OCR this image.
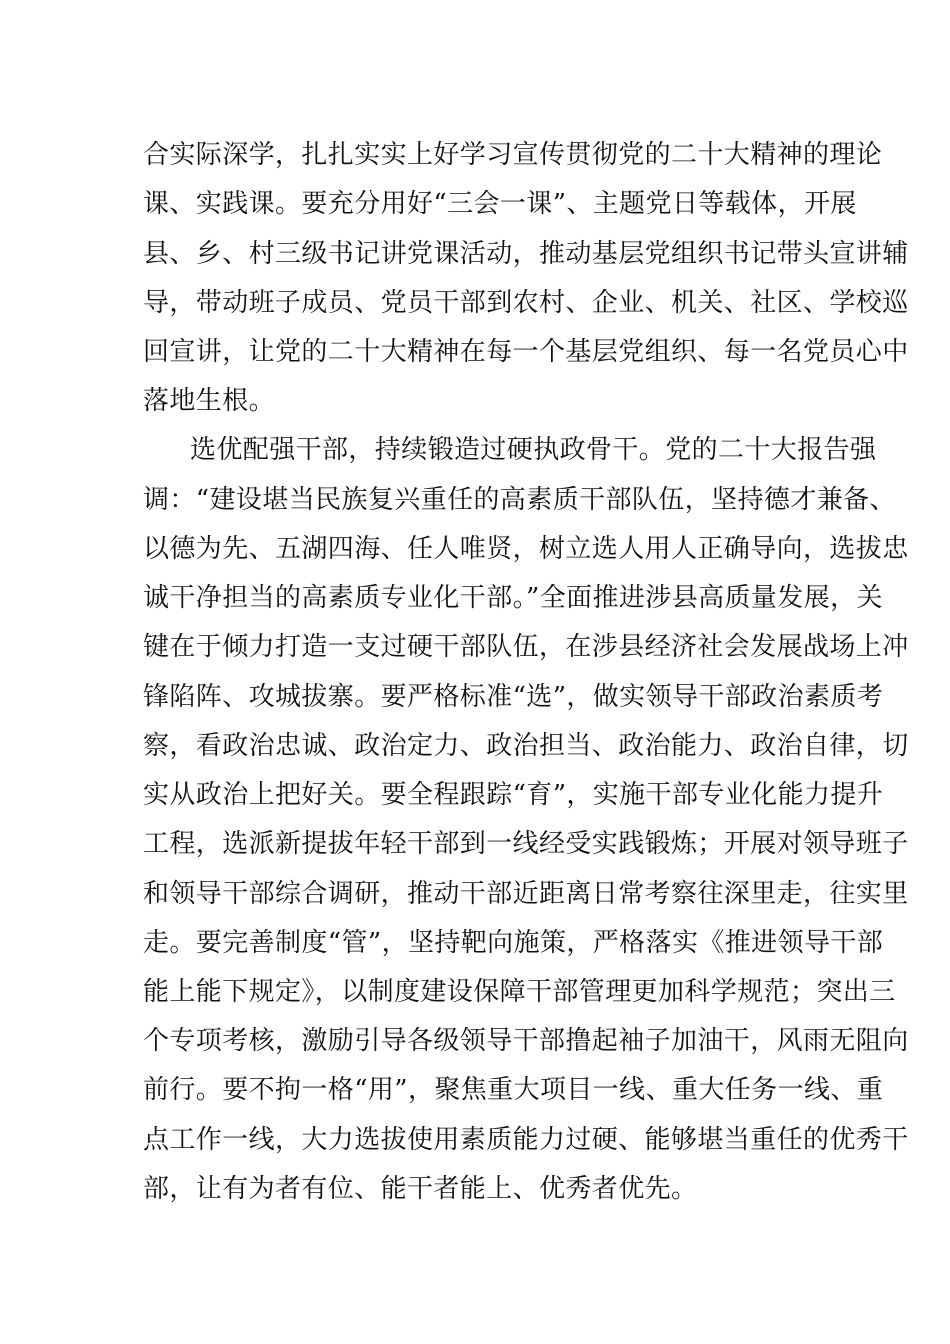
合实际深学，扎扎实实上好学习宣传贯彻党的二十大精神的理论
课、实践课。要充分用好“三会一课”、主题党日等载体，开展
县、乡、村三级书记讲党课活动，推动基层党组织书记带头宣讲辅
导，带动班子成员、党员干部到农村、企业、机关、社区、学校巡
回宣讲，让党的二十大精神在每一个基层党组织、每一名党员心中
落地生根。
选优配强干部，持续锻造过硬执政骨干。党的二十大报告强
调：“建设堪当民族复兴重任的高素质干部队伍，坚持德才兼备、
以德为先、五湖四海、任人唯贤，树立选人用人正确导向，选拔忠
诚干净担当的高素质专业化干部。”全面推进涉县高质量发展，关
键在于倾力打造一支过硬干部队伍，在涉县经济社会发展战场上冲
锋陷阵、攻城拔寨。要严格标准“选”，做实领导干部政治素质考
察，看政治忠诚、政治定力、政治担当、政治能力、政治自律，切
实从政治上把好关。要全程跟踪“育”，实施干部专业化能力提升
工程，选派新提拔年轻干部到一线经受实践锻炼；开展对领导班子
和领导干部综合调研，推动干部近距离日常考察往深里走，往实里
走。要完善制度“管”，坚持靶向施策，严格落实《推进领导干部
能上能下规定》，以制度建设保障干部管理更加科学规范；突出三
个专项考核，激励引导各级领导干部撸起袖子加油干，风雨无阻向
前行。要不拘一格“用”，聚焦重大项目一线、重大任务一线、重
点工作一线，大力选拔使用素质能力过硬、能够堪当重任的优秀干
部，让有为者有位、能干者能上、优秀者优先。
